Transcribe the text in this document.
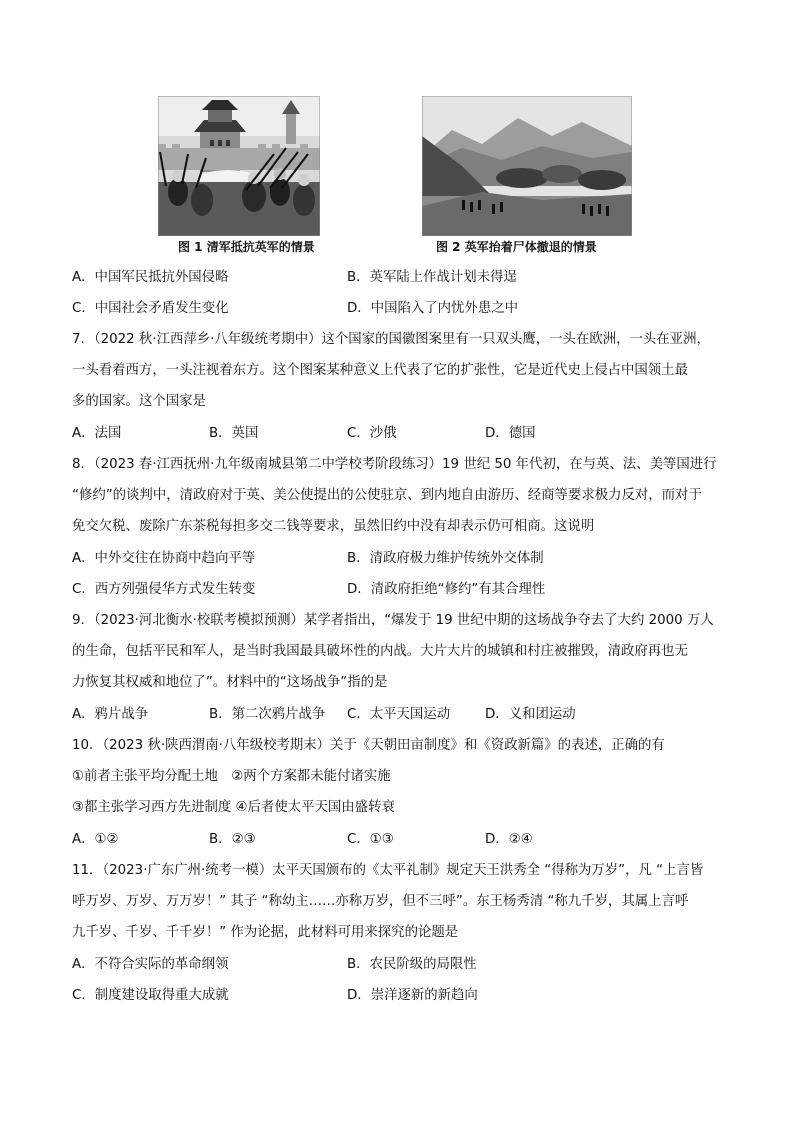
图 1 清军抵抗英军的情景	图 2 英军抬着尸体撤退的情景
A．中国军民抵抗外国侵略	B．英军陆上作战计划未得逞
C．中国社会矛盾发生变化	D．中国陷入了内忧外患之中
7．（2022 秋·江西萍乡·八年级统考期中）这个国家的国徽图案里有一只双头鹰，一头在欧洲，一头在亚洲，
一头看着西方，一头注视着东方。这个图案某种意义上代表了它的扩张性，它是近代史上侵占中国领土最
多的国家。这个国家是
A．法国	B．英国	C．沙俄	D．德国
8．（2023 春·江西抚州·九年级南城县第二中学校考阶段练习）19 世纪 50 年代初，在与英、法、美等国进行
“修约”的谈判中，清政府对于英、美公使提出的公使驻京、到内地自由游历、经商等要求极力反对，而对于
免交欠税、废除广东茶税每担多交二钱等要求，虽然旧约中没有却表示仍可相商。这说明
A．中外交往在协商中趋向平等	B．清政府极力维护传统外交体制
C．西方列强侵华方式发生转变	D．清政府拒绝“修约”有其合理性
9．（2023·河北衡水·校联考模拟预测）某学者指出，“爆发于 19 世纪中期的这场战争夺去了大约 2000 万人
的生命，包括平民和军人，是当时我国最具破坏性的内战。大片大片的城镇和村庄被摧毁，清政府再也无
力恢复其权威和地位了”。材料中的“这场战争”指的是
A．鸦片战争	B．第二次鸦片战争 C．太平天国运动	D．义和团运动
10．（2023 秋·陕西渭南·八年级校考期末）关于《天朝田亩制度》和《资政新篇》的表述，正确的有
①前者主张平均分配土地　②两个方案都未能付诸实施
③都主张学习西方先进制度 ④后者使太平天国由盛转衰
A．①②	B．②③	C．①③	D．②④
11．（2023·广东广州·统考一模）太平天国颁布的《太平礼制》规定天王洪秀全 “得称为万岁”，凡 “上言皆
呼万岁、万岁、万万岁！” 其子 “称幼主……亦称万岁，但不三呼”。东王杨秀清 “称九千岁，其属上言呼
九千岁、千岁、千千岁！” 作为论据，此材料可用来探究的论题是
A．不符合实际的革命纲领	B．农民阶级的局限性
C．制度建设取得重大成就	D．崇洋逐新的新趋向
